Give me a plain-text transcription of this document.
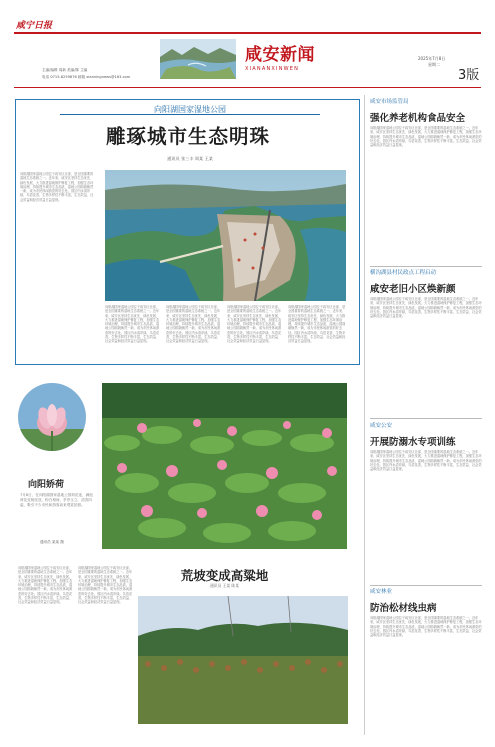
咸宁日报
主编/编辑 周新 美编/陈 主编
电话 0715-8259876 邮箱 xianningnews@163.com
咸安新闻
XIANANXINWEN
2025年7月8日
星期二
3版
向阳湖国家湿地公园
雕琢城市生态明珠
通讯员 张三丰 周某 王某
向阳湖国家湿地公园位于咸安区北部，是全国重要的湿地生态系统之一。近年来，咸安区坚持生态优先、绿色发展，大力推进湿地保护修复工程，加强生态环境治理，持续提升城市生态品质，湿地公园面貌焕然一新，成为市民休闲游览的好去处。园区内水清岸绿，鸟语花香，生物多样性不断丰富，生态效益、社会效益和经济效益日益显现。
向阳湖国家湿地公园位于咸安区北部，是全国重要的湿地生态系统之一。近年来，咸安区坚持生态优先、绿色发展，大力推进湿地保护修复工程，加强生态环境治理，持续提升城市生态品质，湿地公园面貌焕然一新，成为市民休闲游览的好去处。园区内水清岸绿，鸟语花香，生物多样性不断丰富，生态效益、社会效益和经济效益日益显现。
向阳湖国家湿地公园位于咸安区北部，是全国重要的湿地生态系统之一。近年来，咸安区坚持生态优先、绿色发展，大力推进湿地保护修复工程，加强生态环境治理，持续提升城市生态品质，湿地公园面貌焕然一新，成为市民休闲游览的好去处。园区内水清岸绿，鸟语花香，生物多样性不断丰富，生态效益、社会效益和经济效益日益显现。
向阳湖国家湿地公园位于咸安区北部，是全国重要的湿地生态系统之一。近年来，咸安区坚持生态优先、绿色发展，大力推进湿地保护修复工程，加强生态环境治理，持续提升城市生态品质，湿地公园面貌焕然一新，成为市民休闲游览的好去处。园区内水清岸绿，鸟语花香，生物多样性不断丰富，生态效益、社会效益和经济效益日益显现。
向阳湖国家湿地公园位于咸安区北部，是全国重要的湿地生态系统之一。近年来，咸安区坚持生态优先、绿色发展，大力推进湿地保护修复工程，加强生态环境治理，持续提升城市生态品质，湿地公园面貌焕然一新，成为市民休闲游览的好去处。园区内水清岸绿，鸟语花香，生物多样性不断丰富，生态效益、社会效益和经济效益日益显现。
向阳娇荷
7月8日，在向阳湖国家湿地公园荷花池，满池荷花竞相绽放，粉白相间，亭亭玉立，清香四溢，吸引不少市民和游客前来观赏拍照。
通讯员 某某 摄
荒坡变成高粱地
通讯员 王某 陈某
向阳湖国家湿地公园位于咸安区北部，是全国重要的湿地生态系统之一。近年来，咸安区坚持生态优先、绿色发展，大力推进湿地保护修复工程，加强生态环境治理，持续提升城市生态品质，湿地公园面貌焕然一新，成为市民休闲游览的好去处。园区内水清岸绿，鸟语花香，生物多样性不断丰富，生态效益、社会效益和经济效益日益显现。
向阳湖国家湿地公园位于咸安区北部，是全国重要的湿地生态系统之一。近年来，咸安区坚持生态优先、绿色发展，大力推进湿地保护修复工程，加强生态环境治理，持续提升城市生态品质，湿地公园面貌焕然一新，成为市民休闲游览的好去处。园区内水清岸绿，鸟语花香，生物多样性不断丰富，生态效益、社会效益和经济效益日益显现。
咸安市场监管局
强化养老机构食品安全
向阳湖国家湿地公园位于咸安区北部，是全国重要的湿地生态系统之一。近年来，咸安区坚持生态优先、绿色发展，大力推进湿地保护修复工程，加强生态环境治理，持续提升城市生态品质，湿地公园面貌焕然一新，成为市民休闲游览的好去处。园区内水清岸绿，鸟语花香，生物多样性不断丰富，生态效益、社会效益和经济效益日益显现。
横沟湖县村民政点工程启动
咸安老旧小区焕新颜
向阳湖国家湿地公园位于咸安区北部，是全国重要的湿地生态系统之一。近年来，咸安区坚持生态优先、绿色发展，大力推进湿地保护修复工程，加强生态环境治理，持续提升城市生态品质，湿地公园面貌焕然一新，成为市民休闲游览的好去处。园区内水清岸绿，鸟语花香，生物多样性不断丰富，生态效益、社会效益和经济效益日益显现。
咸安公安
开展防溺水专项训练
向阳湖国家湿地公园位于咸安区北部，是全国重要的湿地生态系统之一。近年来，咸安区坚持生态优先、绿色发展，大力推进湿地保护修复工程，加强生态环境治理，持续提升城市生态品质，湿地公园面貌焕然一新，成为市民休闲游览的好去处。园区内水清岸绿，鸟语花香，生物多样性不断丰富，生态效益、社会效益和经济效益日益显现。
咸安林业
防治松材线虫病
向阳湖国家湿地公园位于咸安区北部，是全国重要的湿地生态系统之一。近年来，咸安区坚持生态优先、绿色发展，大力推进湿地保护修复工程，加强生态环境治理，持续提升城市生态品质，湿地公园面貌焕然一新，成为市民休闲游览的好去处。园区内水清岸绿，鸟语花香，生物多样性不断丰富，生态效益、社会效益和经济效益日益显现。
